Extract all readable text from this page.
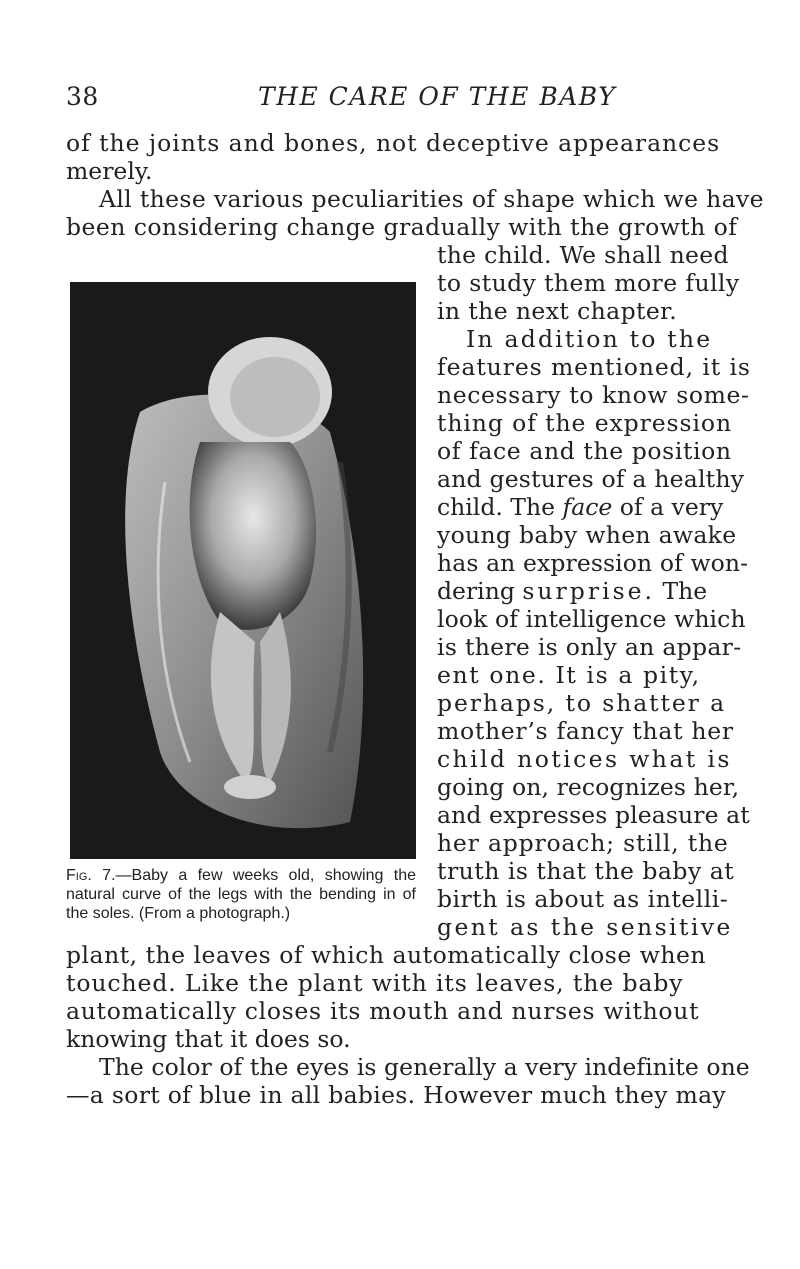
38	THE CARE OF THE BABY
of the joints and bones, not deceptive appearances
merely.
All these various peculiarities of shape which we have
been considering change gradually with the growth of
the child. We shall need
to study them more fully
in the next chapter.
In addition to the
features mentioned, it is
necessary to know some-
thing of the expression
of face and the position
and gestures of a healthy
child. The face of a very
young baby when awake
has an expression of won-
dering surprise. The
look of intelligence which
is there is only an appar-
ent one. It is a pity,
perhaps, to shatter a
mother’s fancy that her
child notices what is
going on, recognizes her,
and expresses pleasure at
her approach; still, the
truth is that the baby at
birth is about as intelli-
gent as the sensitive
Fig. 7.—Baby a few weeks old, showing the natural curve of the legs with the bending in of the soles. (From a photograph.)
plant, the leaves of which automatically close when
touched. Like the plant with its leaves, the baby
automatically closes its mouth and nurses without
knowing that it does so.
The color of the eyes is generally a very indefinite one
—a sort of blue in all babies. However much they may
